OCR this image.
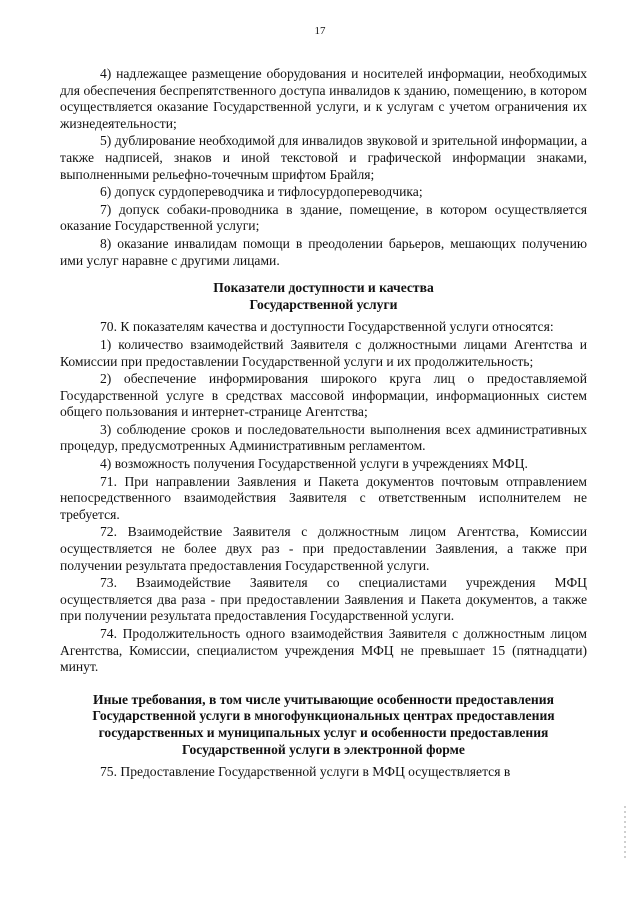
17

4) надлежащее размещение оборудования и носителей информации, необходимых для обеспечения беспрепятственного доступа инвалидов к зданию, помещению, в котором осуществляется оказание Государственной услуги, и к услугам с учетом ограничения их жизнедеятельности;

5) дублирование необходимой для инвалидов звуковой и зрительной информации, а также надписей, знаков и иной текстовой и графической информации знаками, выполненными рельефно-точечным шрифтом Брайля;

6) допуск сурдопереводчика и тифлосурдопереводчика;

7) допуск собаки-проводника в здание, помещение, в котором осуществляется оказание Государственной услуги;

8) оказание инвалидам помощи в преодолении барьеров, мешающих получению ими услуг наравне с другими лицами.

Показатели доступности и качества
Государственной услуги

70. К показателям качества и доступности Государственной услуги относятся:

1) количество взаимодействий Заявителя с должностными лицами Агентства и Комиссии при предоставлении Государственной услуги и их продолжительность;

2) обеспечение информирования широкого круга лиц о предоставляемой Государственной услуге в средствах массовой информации, информационных систем общего пользования и интернет-странице Агентства;

3) соблюдение сроков и последовательности выполнения всех административных процедур, предусмотренных Административным регламентом.

4) возможность получения Государственной услуги в учреждениях МФЦ.

71. При направлении Заявления и Пакета документов почтовым отправлением непосредственного взаимодействия Заявителя с ответственным исполнителем не требуется.

72. Взаимодействие Заявителя с должностным лицом Агентства, Комиссии осуществляется не более двух раз - при предоставлении Заявления, а также при получении результата предоставления Государственной услуги.

73. Взаимодействие Заявителя со специалистами учреждения МФЦ осуществляется два раза - при предоставлении Заявления и Пакета документов, а также при получении результата предоставления Государственной услуги.

74. Продолжительность одного взаимодействия Заявителя с должностным лицом Агентства, Комиссии, специалистом учреждения МФЦ не превышает 15 (пятнадцати) минут.

Иные требования, в том числе учитывающие особенности предоставления
Государственной услуги в многофункциональных центрах предоставления
государственных и муниципальных услуг и особенности предоставления
Государственной услуги в электронной форме

75. Предоставление Государственной услуги в МФЦ осуществляется в
